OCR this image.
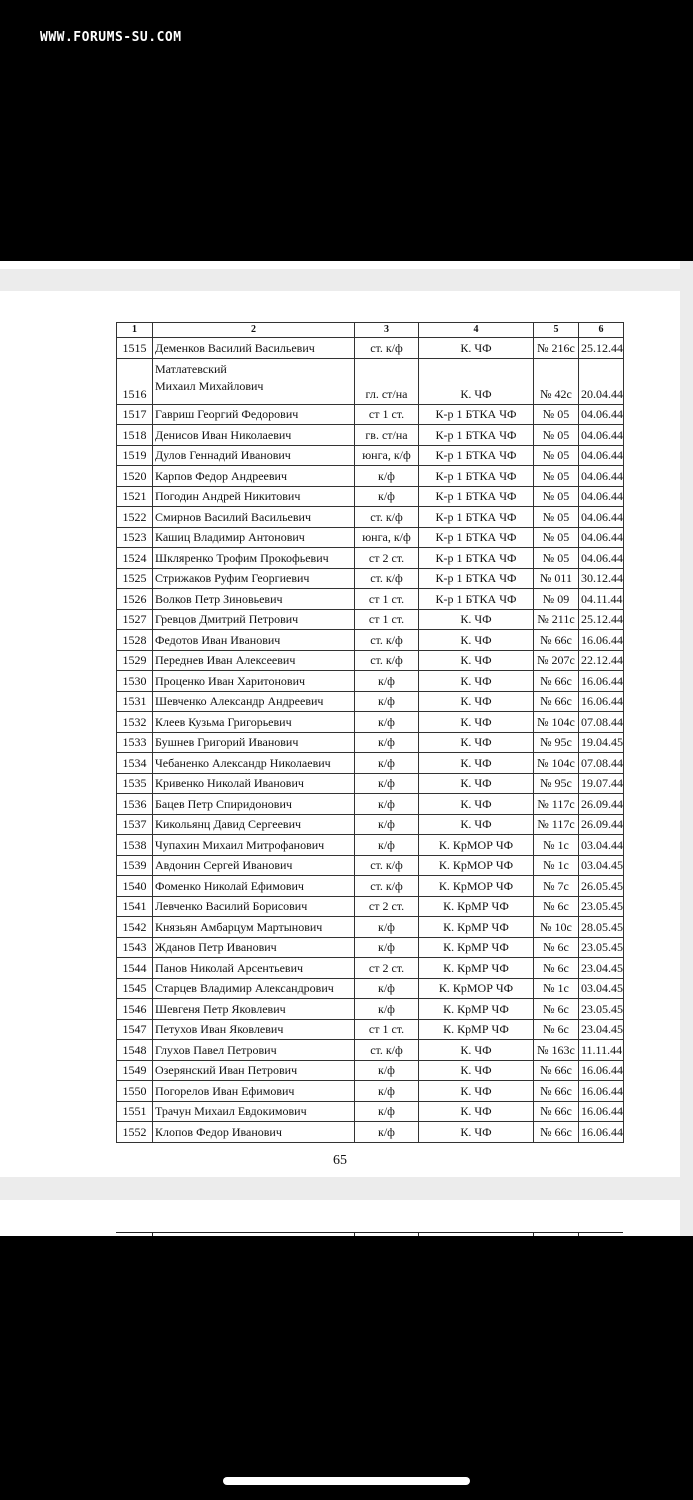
WWW.FORUMS-SU.COM
1	2	3	4	5	6
1515	Деменков Василий Васильевич	ст. к/ф	К. ЧФ	№ 216с	25.12.44
1516	Матлатевский
Михаил Михайлович	гл. ст/на	К. ЧФ	№ 42с	20.04.44
1517	Гавриш Георгий Федорович	ст 1 ст.	К-р 1 БТКА ЧФ	№ 05	04.06.44
1518	Денисов Иван Николаевич	гв. ст/на	К-р 1 БТКА ЧФ	№ 05	04.06.44
1519	Дулов Геннадий Иванович	юнга, к/ф	К-р 1 БТКА ЧФ	№ 05	04.06.44
1520	Карпов Федор Андреевич	к/ф	К-р 1 БТКА ЧФ	№ 05	04.06.44
1521	Погодин Андрей Никитович	к/ф	К-р 1 БТКА ЧФ	№ 05	04.06.44
1522	Смирнов Василий Васильевич	ст. к/ф	К-р 1 БТКА ЧФ	№ 05	04.06.44
1523	Кашиц Владимир Антонович	юнга, к/ф	К-р 1 БТКА ЧФ	№ 05	04.06.44
1524	Шкляренко Трофим Прокофьевич	ст 2 ст.	К-р 1 БТКА ЧФ	№ 05	04.06.44
1525	Стрижаков Руфим Георгиевич	ст. к/ф	К-р 1 БТКА ЧФ	№ 011	30.12.44
1526	Волков Петр Зиновьевич	ст 1 ст.	К-р 1 БТКА ЧФ	№ 09	04.11.44
1527	Гревцов Дмитрий Петрович	ст 1 ст.	К. ЧФ	№ 211с	25.12.44
1528	Федотов Иван Иванович	ст. к/ф	К. ЧФ	№ 66с	16.06.44
1529	Переднев Иван Алексеевич	ст. к/ф	К. ЧФ	№ 207с	22.12.44
1530	Проценко Иван Харитонович	к/ф	К. ЧФ	№ 66с	16.06.44
1531	Шевченко Александр Андреевич	к/ф	К. ЧФ	№ 66с	16.06.44
1532	Клеев Кузьма Григорьевич	к/ф	К. ЧФ	№ 104с	07.08.44
1533	Бушнев Григорий Иванович	к/ф	К. ЧФ	№ 95с	19.04.45
1534	Чебаненко Александр Николаевич	к/ф	К. ЧФ	№ 104с	07.08.44
1535	Кривенко Николай Иванович	к/ф	К. ЧФ	№ 95с	19.07.44
1536	Бацев Петр Спиридонович	к/ф	К. ЧФ	№ 117с	26.09.44
1537	Кикольянц Давид Сергеевич	к/ф	К. ЧФ	№ 117с	26.09.44
1538	Чупахин Михаил Митрофанович	к/ф	К. КрМОР ЧФ	№ 1с	03.04.44
1539	Авдонин Сергей Иванович	ст. к/ф	К. КрМОР ЧФ	№ 1с	03.04.45
1540	Фоменко Николай Ефимович	ст. к/ф	К. КрМОР ЧФ	№ 7с	26.05.45
1541	Левченко Василий Борисович	ст 2 ст.	К. КрМР ЧФ	№ 6с	23.05.45
1542	Князьян Амбарцум Мартынович	к/ф	К. КрМР ЧФ	№ 10с	28.05.45
1543	Жданов Петр Иванович	к/ф	К. КрМР ЧФ	№ 6с	23.05.45
1544	Панов Николай Арсентьевич	ст 2 ст.	К. КрМР ЧФ	№ 6с	23.04.45
1545	Старцев Владимир Александрович	к/ф	К. КрМОР ЧФ	№ 1с	03.04.45
1546	Шевгеня Петр Яковлевич	к/ф	К. КрМР ЧФ	№ 6с	23.05.45
1547	Петухов Иван Яковлевич	ст 1 ст.	К. КрМР ЧФ	№ 6с	23.04.45
1548	Глухов Павел Петрович	ст. к/ф	К. ЧФ	№ 163с	11.11.44
1549	Озерянский Иван Петрович	к/ф	К. ЧФ	№ 66с	16.06.44
1550	Погорелов Иван Ефимович	к/ф	К. ЧФ	№ 66с	16.06.44
1551	Трачун Михаил Евдокимович	к/ф	К. ЧФ	№ 66с	16.06.44
1552	Клопов Федор Иванович	к/ф	К. ЧФ	№ 66с	16.06.44
65
